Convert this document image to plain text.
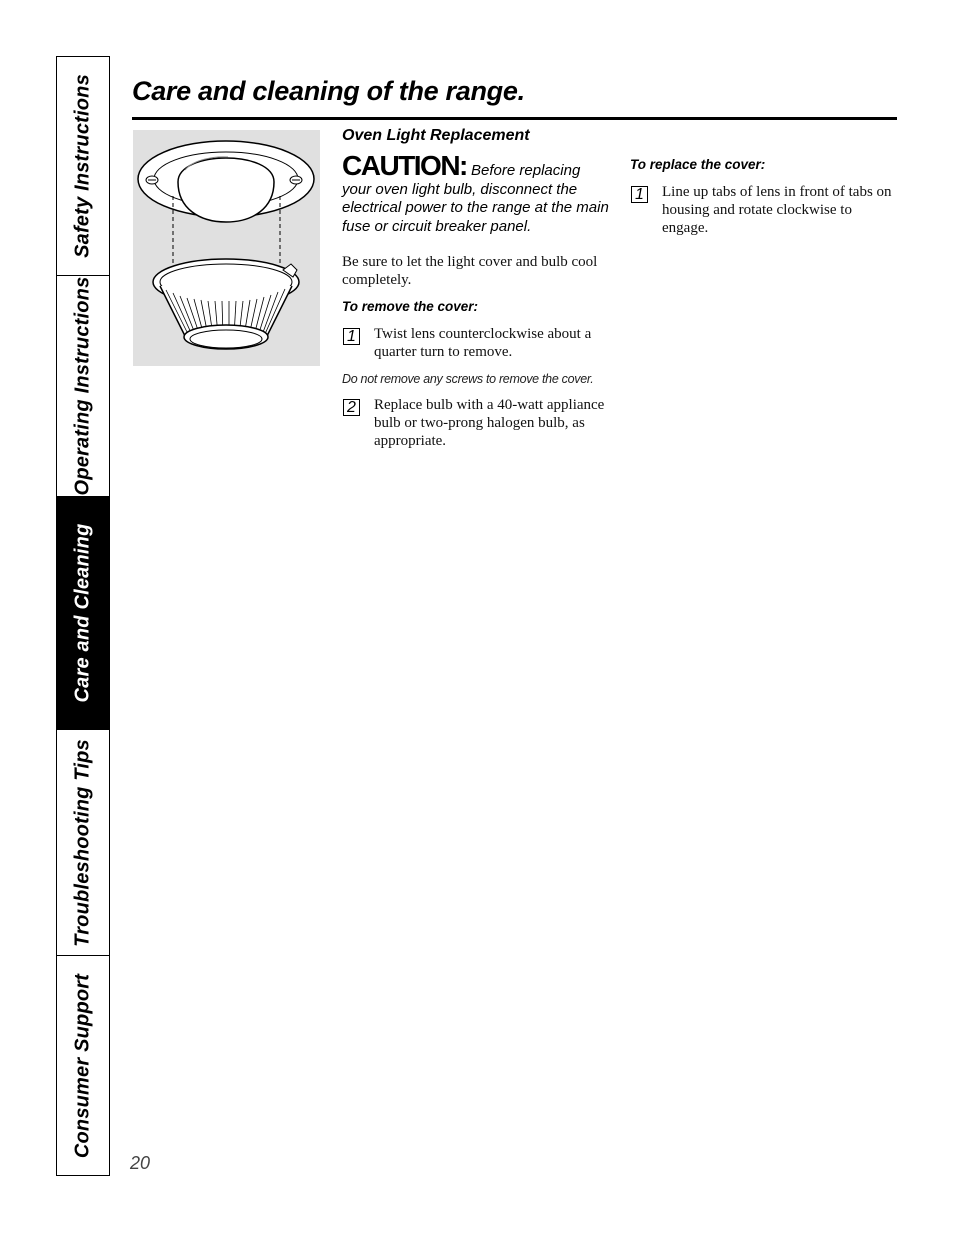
Safety Instructions
Operating Instructions
Care and Cleaning
Troubleshooting Tips
Consumer Support
Care and cleaning of the range.

Oven Light Replacement

CAUTION: Before replacing your oven light bulb, disconnect the electrical power to the range at the main fuse or circuit breaker panel.

Be sure to let the light cover and bulb cool completely.

To remove the cover:

1 Twist lens counterclockwise about a quarter turn to remove.

Do not remove any screws to remove the cover.

2 Replace bulb with a 40-watt appliance bulb or two-prong halogen bulb, as appropriate.

To replace the cover:

1 Line up tabs of lens in front of tabs on housing and rotate clockwise to engage.
20
